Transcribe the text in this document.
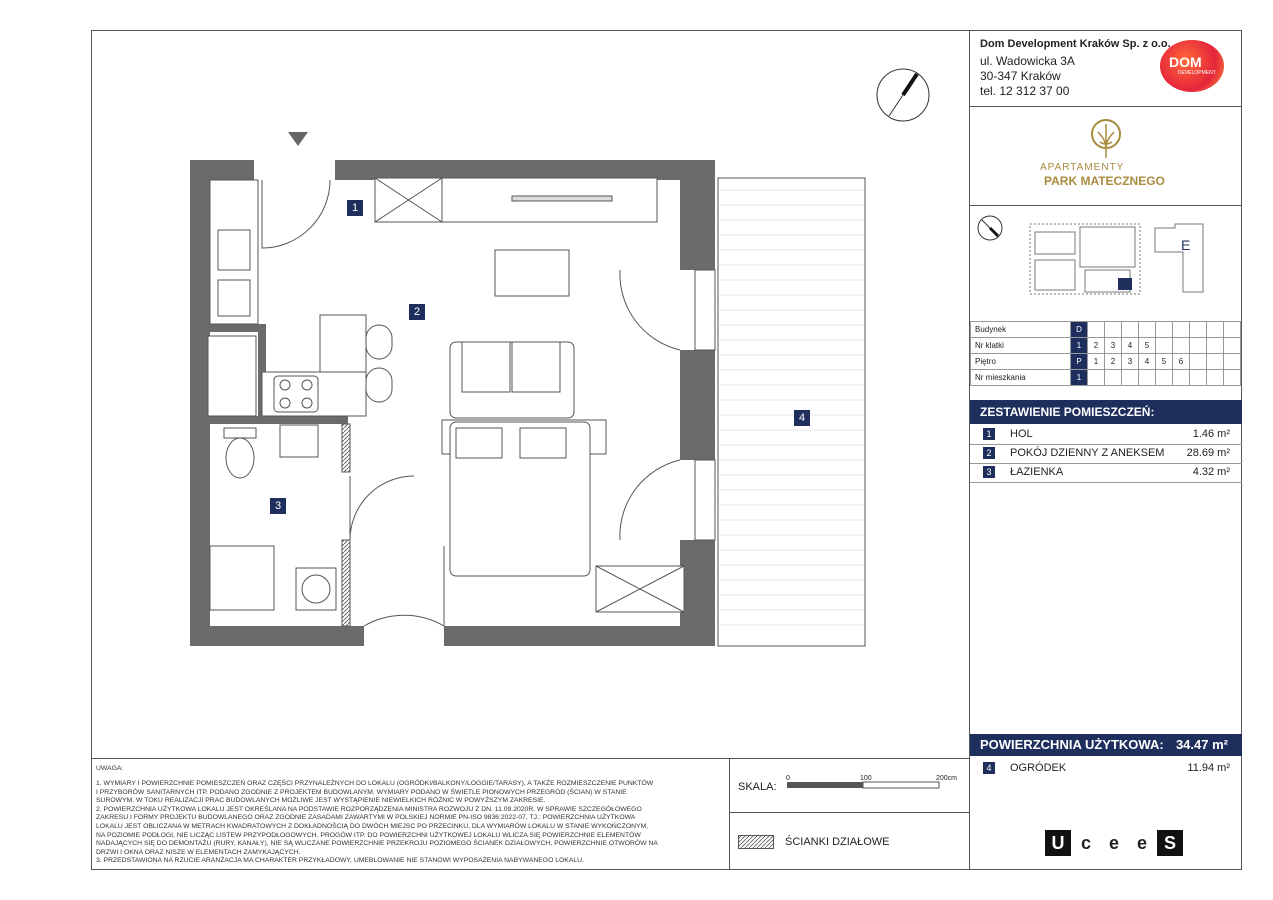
Dom Development Kraków Sp. z o.o.
ul. Wadowicka 3A
30-347 Kraków
tel. 12 312 37 00
DOM
DEVELOPMENT
APARTAMENTY
PARK MATECZNEGO
E
Budynek	D									
Nr klatki	1	2	3	4	5					
Piętro	P	1	2	3	4	5	6			
Nr mieszkania	1									
ZESTAWIENIE POMIESZCZEŃ:
1	HOL	1.46 m²
2	POKÓJ DZIENNY Z ANEKSEM 28.69 m²
3	ŁAZIENKA	4.32 m²
POWIERZCHNIA UŻYTKOWA: 34.47 m²
4	OGRÓDEK	11.94 m²
U c e e S
UWAGA:
1. WYMIARY I POWIERZCHNIE POMIESZCZEŃ ORAZ CZĘŚCI PRZYNALEŻNYCH DO LOKALU (OGRÓDKI/BALKONY/LOGGIE/TARASY), A TAKŻE ROZMIESZCZENIE PUNKTÓW
I PRZYBORÓW SANITARNYCH ITP. PODANO ZGODNIE Z PROJEKTEM BUDOWLANYM. WYMIARY PODANO W ŚWIETLE PIONOWYCH PRZEGRÓD (ŚCIAN) W STANIE
SUROWYM. W TOKU REALIZACJI PRAC BUDOWLANYCH MOŻLIWE JEST WYSTĄPIENIE NIEWIELKICH RÓŻNIC W POWYŻSZYM ZAKRESIE.
2. POWIERZCHNIA UŻYTKOWA LOKALU JEST OKREŚLANA NA PODSTAWIE ROZPORZĄDZENIA MINISTRA ROZWOJU Z DN. 11.09.2020R. W SPRAWIE SZCZEGÓŁOWEGO
ZAKRESU I FORMY PROJEKTU BUDOWLANEGO ORAZ ZGODNIE ZASADAMI ZAWARTYMI W POLSKIEJ NORMIE PN-ISO 9836:2022-07, TJ.: POWIERZCHNIA UŻYTKOWA
LOKALU JEST OBLICZANA W METRACH KWADRATOWYCH Z DOKŁADNOŚCIĄ DO DWÓCH MIEJSC PO PRZECINKU, DLA WYMIARÓW LOKALU W STANIE WYKOŃCZONYM,
NA POZIOMIE PODŁOGI, NIE LICZĄC LISTEW PRZYPODŁOGOWYCH, PROGÓW ITP. DO POWIERZCHNI UŻYTKOWEJ LOKALU WLICZA SIĘ POWIERZCHNIE ELEMENTÓW
NADAJĄCYCH SIĘ DO DEMONTAŻU (RURY, KANAŁY), NIE SĄ WLICZANE POWIERZCHNIE PRZEKROJU POZIOMEGO ŚCIANEK DZIAŁOWYCH, POWIERZCHNIE OTWORÓW NA
DRZWI I OKNA ORAZ NISZE W ELEMENTACH ZAMYKAJĄCYCH.
3. PRZEDSTAWIONA NA RZUCIE ARANŻACJA MA CHARAKTER PRZYKŁADOWY, UMEBLOWANIE NIE STANOWI WYPOSAŻENIA NABYWANEGO LOKALU.
SKALA:
0	100	200cm
ŚCIANKI DZIAŁOWE
1
2
3
4
